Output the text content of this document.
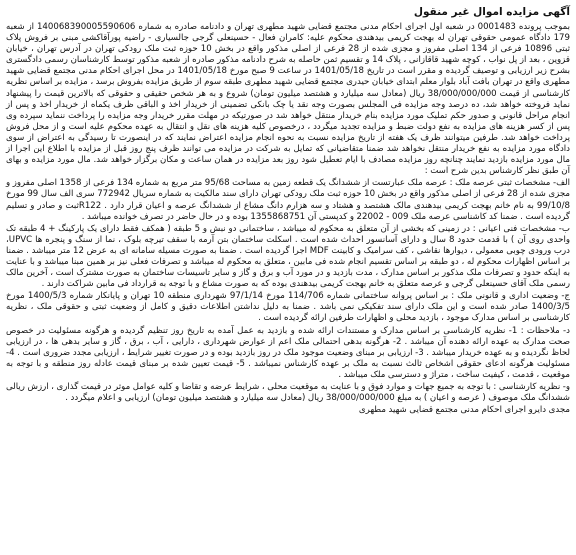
آگهی مزایده اموال غیر منقول

بموجب پرونده 0001483 در شعبه اول اجرای احکام مدنی مجتمع قضایی شهید مطهری تهران و دادنامه صادره به شماره 140068390005590606 از شعبه 179 دادگاه عمومی حقوقی تهران له بهجت کریمی بیدهندی محکوم علیه: کامران فعال - حسینعلی گرجی جالسیاری - راضیه پورآقاکشی مبنی بر فروش پلاک ثبتی 10896 فرعی از 134 اصلی مفروز و مجزی شده از 28 فرعی از اصلی مذکور واقع در بخش 10 حوزه ثبت ملک رودکی تهران در آدرس تهران ، خیابان قزوین ، بعد از پل نواب ، کوچه شهید قاقازانی ، پلاک 14 و تقسیم ثمن حاصله به شرح دادنامه مذکور صادره از شعبه مذکور توسط کارشناسان رسمی دادگستری بشرح زیر ارزیابی و توصیف گردیده و مقرر است در تاریخ 1401/05/18 در ساعت 9 صبح مورخ 1401/05/18 در محل اجرای احکام مدنی مجتمع قضایی شهید مطهری واقع در تهران بافت آباد بلوار معلم ابتدای خیابان حیدری مجتمع قضایی شهید مطهری طبقه سوم از طریق مزایده بفروش برسد ، مزایده بر اساس نظریه کارشناسی از قیمت 38/000/000/000 ریال (معادل سه میلیارد و هشتصد میلیون تومان) شروع و به هر شخص حقیقی و حقوقی که بالاترین قیمت را پیشنهاد نماید فروخته خواهد شد، ده درصد وجه مزایده فی المجلس بصورت وجه نقد یا چک بانکی تضمینی از خریدار اخذ و الباقی ظرف یکماه از خریدار اخذ و پس از انجام مراحل قانونی و صدور حکم تملیک مورد مزایده بنام خریدار منتقل خواهد شد در صورتیکه در مهلت مقرر خریدار وجه مزایده را پرداخت ننماید سپرده وی پس از کسر هزینه های مزایده به نفع دولت ضبط و مزایده تجدید میگردد ، درخصوص کلیه هزینه های نقل و انتقال به عهده محکوم علیه است و از محل فروش پرداخت خواهد شد. طرفین میتوانند ظرف یک هفته از تاریخ مزایده نسبت به نحوه انجام مزایده اعتراض نمایند که در اینصورت تا رسیدگی به اعتراض از سوی دادگاه مورد مزایده به نفع خریدار منتقل نخواهد شد ضمنا متقاضیانی که تمایل به شرکت در مزایده می توانند ظرف پنج روز قبل از مزایده با اطلاع این اجرا از مال مورد مزایده بازدید نمایند چنانچه روز مزایده مصادف با ایام تعطیل شود روز بعد مزایده در همان ساعت و مکان برگزار خواهد شد. مال مورد مزایده و بهای آن طبق نظر کارشناس بدین شرح است :

الف- مشخصات ثبتی عرصه ملک : عرصه ملک عبارتست از ششدانگ یک قطعه زمین به مساحت 95/68 متر مربع به شماره 134 فرعی از 1358 اصلی مفروز و مجزی شده از 28 فرعی از اصلی مذکور واقع در بخش 10 حوزه ثبت ملک رودکی تهران دارای سند مالکیت به شماره سریال 772942 سری الف سال 99 مورخ 99/10/8 به نام خانم بهجت کریمی بیدهندی مالک هشتصد و هشتاد و سه هزارم دانگ مشاع از ششدانگ عرصه و اعیان قرار دارد . R122ثبت و صادر و تسلیم گردیده است . ضمنا کد کاشناسی عرصه ملک 009 - 22002 و کدپستی آن 1355868751 بوده و در حال حاضر در تصرف خوانده میباشد .

ب- مشخصات فنی اعیانی : در زمینی که بخشی از آن متعلق به محکوم له میباشد ، ساختمانی دو نبش و 5 طبقه ( همکف فقط دارای یک پارکینگ + 4 طبقه تک واحدی روی آن ) با قدمت حدود 8 سال و دارای آسانسور احداث شده است . اسکلت ساختمان بتن آرمه با سقف تیرچه بلوک ، نما از سنگ و پنجره ها UPVC، درب ورودی چوبی معمولی ، دیوارها نقاشی ، کف سرامیک و کابینت MDF اجرا گردیده است . ضمنا به صورت مسیله سامانه ای به عرض 12 متر میباشد . ضمنا بر اساس اظهارات محکوم له ، دو طبقه بر اساس تقسیم انجام شده فی مابین ، متعلق به محکوم له میباشد و تصرفات فعلی نیز بر همین مبنا میباشد و با عنایت به اینکه حدود و تصرفات ملک مذکور بر اساس مدارک ، مدت بازدید و در مورد آب و برق و گاز و سایر تاسیسات ساختمان به صورت مشترک است ، آخرین مالک رسمی ملک آقای حسینعلی گرجی و عرصه متعلق به خانم بهجت کریمی بیدهندی بوده که به صورت مشاع و با توجه به قرارداد فی مابین شراکت دارند .

ج- وضعیت اداری و قانونی ملک : بر اساس پروانه ساختمانی شماره 114/706 مورخ 97/1/14 شهرداری منطقه 10 تهران و پایانکار شماره 1400/5/3 مورخ 1400/3/5 صادر شده است و این ملک دارای سند تفکیکی نمی باشد . ضمنا به دلیل نداشتن اطلاعات دقیق و کامل از وضعیت ثبتی و حقوقی ملک ، نظریه کارشناسی بر اساس مدارک موجود ، بازدید محلی و اظهارات طرفین ارائه گردیده است .

د- ملاحظات : 1- نظریه کارشناسی بر اساس مدارک و مستندات ارائه شده و بازدید به عمل آمده به تاریخ روز تنظیم گردیده و هرگونه مسئولیت در خصوص صحت مدارک به عهده ارائه دهنده آن میباشد . 2- هرگونه بدهی احتمالی ملک اعم از عوارض شهرداری ، دارایی ، آب ، برق ، گاز و سایر بدهی ها ، در ارزیابی لحاظ نگردیده و به عهده خریدار میباشد . 3- ارزیابی بر مبنای وضعیت موجود ملک در روز بازدید بوده و در صورت تغییر شرایط ، ارزیابی مجدد ضروری است . 4- مسئولیت هرگونه ادعای حقوقی اشخاص ثالث نسبت به ملک بر عهده کارشناس نمیباشد . 5- قیمت تعیین شده بر مبنای قیمت عادله روز منطقه و با توجه به موقعیت ، قدمت ، کیفیت ساخت ، متراژ و دسترسی ملک میباشد .

و- نظریه کارشناسی : با توجه به جمیع جهات و موارد فوق و با عنایت به موقعیت محلی ، شرایط عرضه و تقاضا و کلیه عوامل موثر در قیمت گذاری ، ارزش ریالی ششدانگ ملک موصوف ( عرصه و اعیان ) به مبلغ 38/000/000/000 ریال (معادل سه میلیارد و هشتصد میلیون تومان) ارزیابی و اعلام میگردد .

مجدی دایرو اجرای احکام مدنی مجتمع قضایی شهید مطهری
